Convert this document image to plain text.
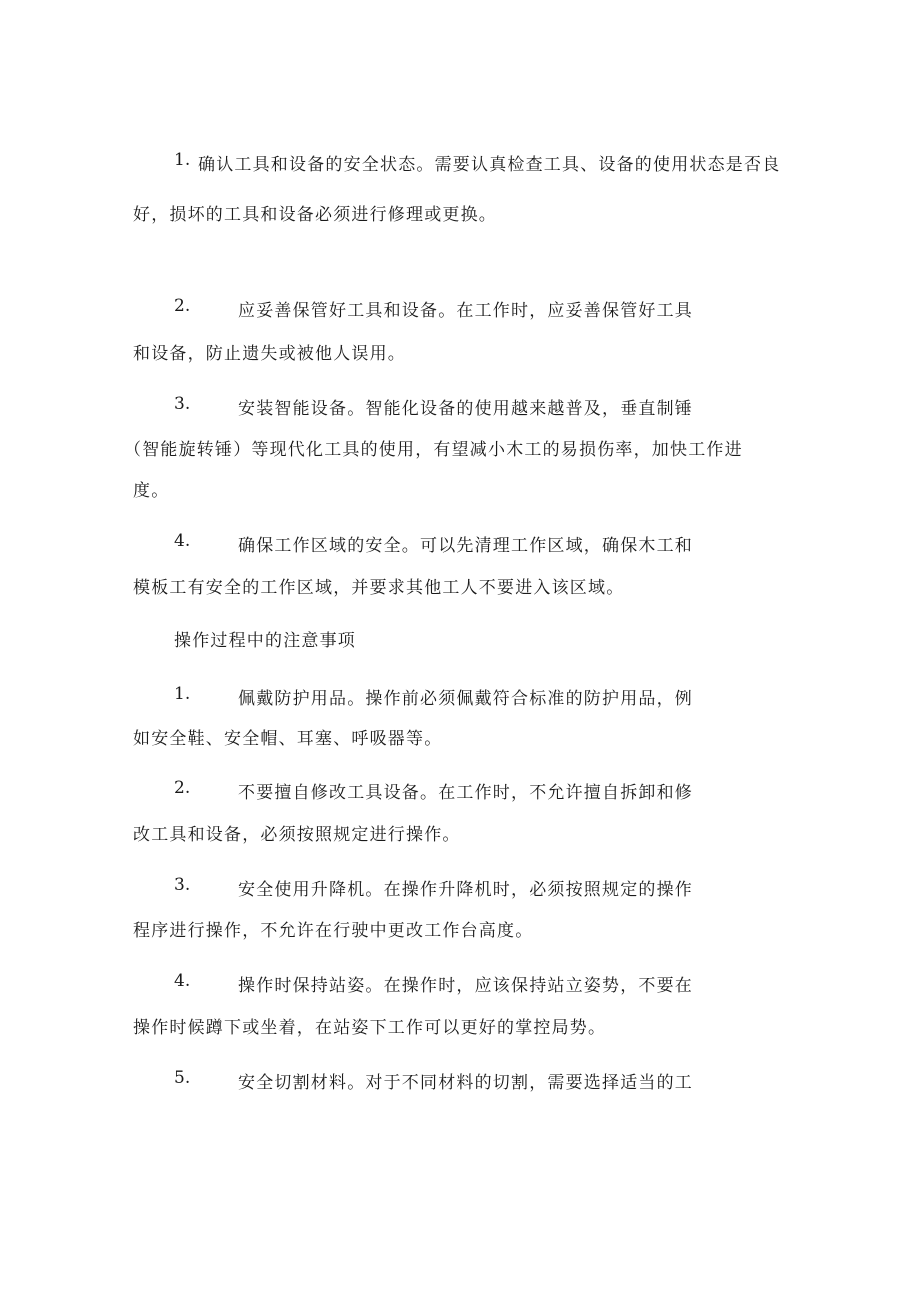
1. 确认工具和设备的安全状态。需要认真检查工具、设备的使用状态是否良
好，损坏的工具和设备必须进行修理或更换。
2.	应妥善保管好工具和设备。在工作时，应妥善保管好工具
和设备，防止遗失或被他人误用。
3.	安装智能设备。智能化设备的使用越来越普及，垂直制锤
（智能旋转锤）等现代化工具的使用，有望减小木工的易损伤率，加快工作进
度。
4.	确保工作区域的安全。可以先清理工作区域，确保木工和
模板工有安全的工作区域，并要求其他工人不要进入该区域。
操作过程中的注意事项
1.	佩戴防护用品。操作前必须佩戴符合标准的防护用品，例
如安全鞋、安全帽、耳塞、呼吸器等。
2.	不要擅自修改工具设备。在工作时，不允许擅自拆卸和修
改工具和设备，必须按照规定进行操作。
3.	安全使用升降机。在操作升降机时，必须按照规定的操作
程序进行操作，不允许在行驶中更改工作台高度。
4.	操作时保持站姿。在操作时，应该保持站立姿势，不要在
操作时候蹲下或坐着，在站姿下工作可以更好的掌控局势。
5.	安全切割材料。对于不同材料的切割，需要选择适当的工
